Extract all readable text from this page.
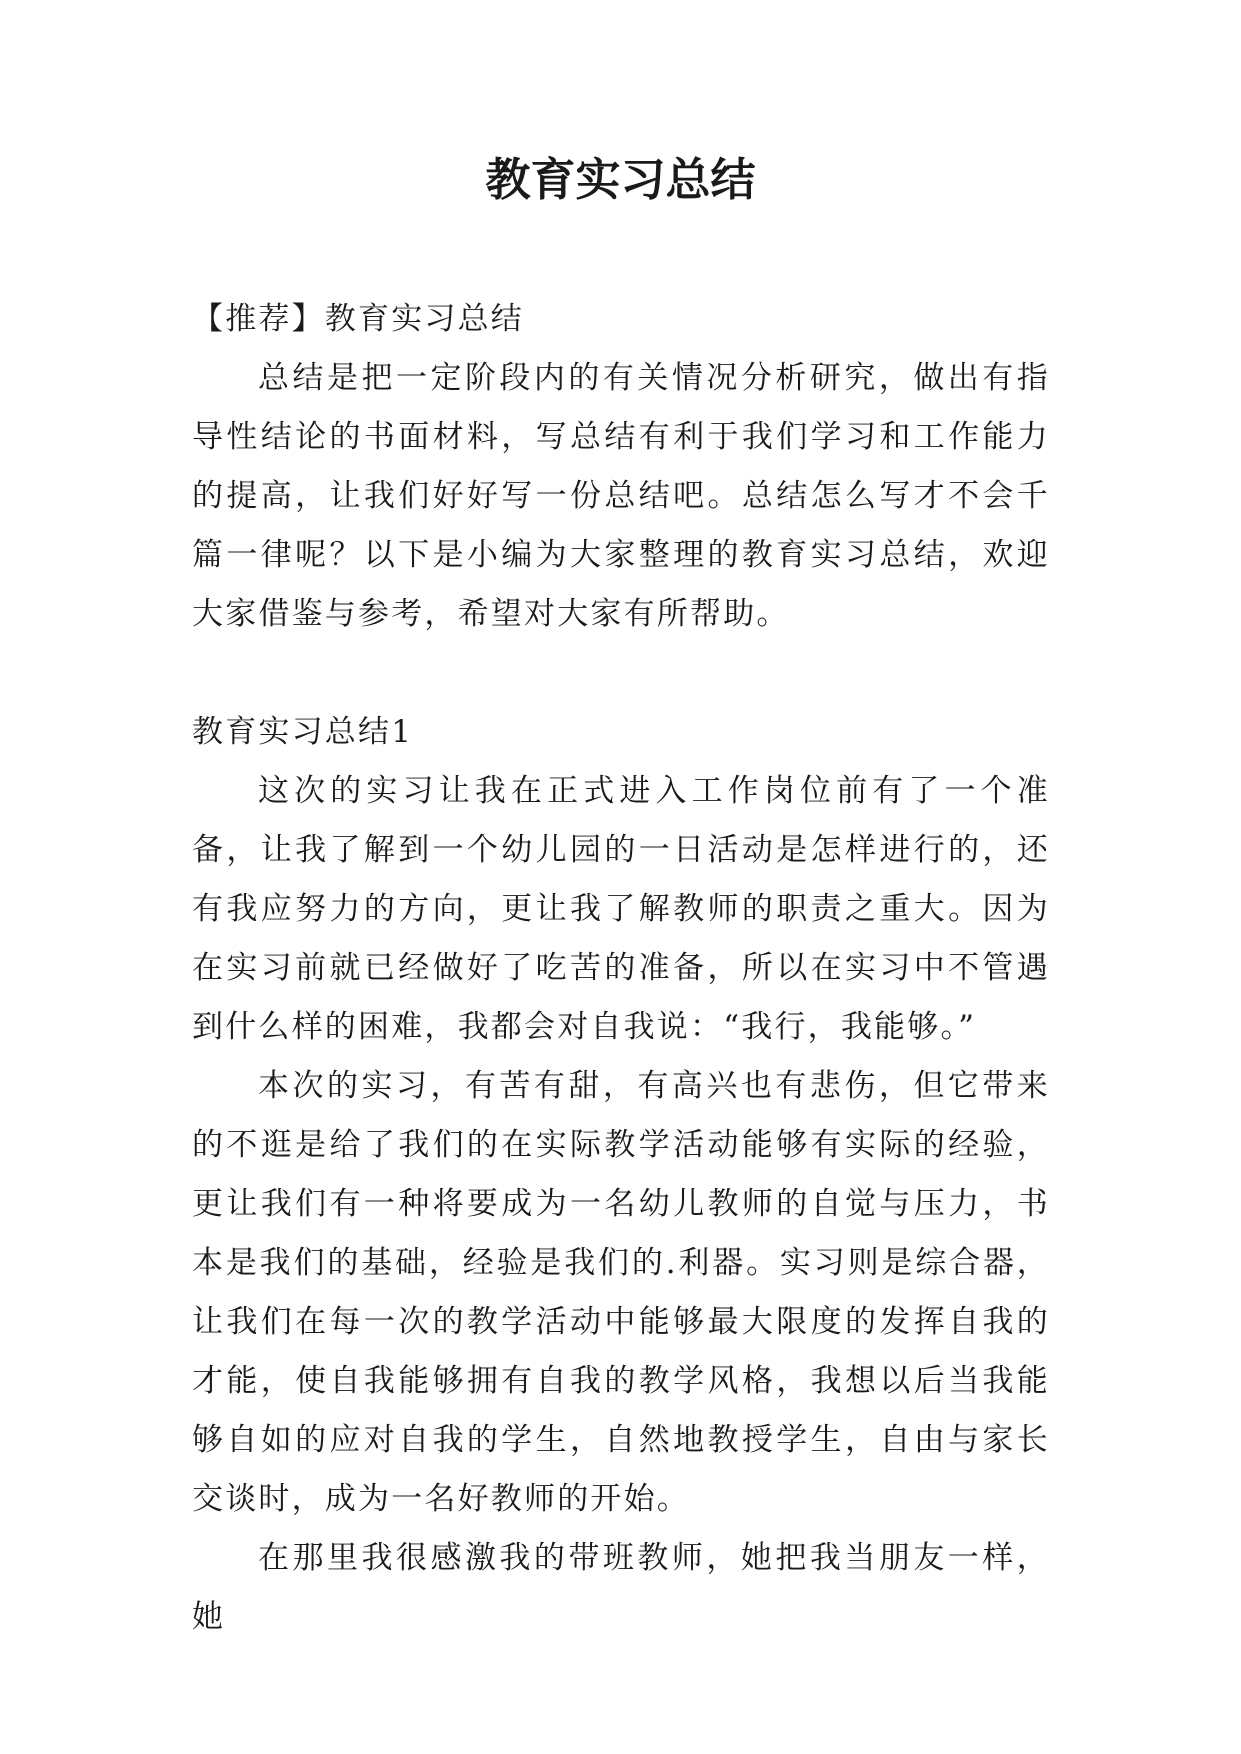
教育实习总结

【推荐】教育实习总结

总结是把一定阶段内的有关情况分析研究，做出有指导性结论的书面材料，写总结有利于我们学习和工作能力的提高，让我们好好写一份总结吧。总结怎么写才不会千篇一律呢？以下是小编为大家整理的教育实习总结，欢迎大家借鉴与参考，希望对大家有所帮助。

教育实习总结1

这次的实习让我在正式进入工作岗位前有了一个准备，让我了解到一个幼儿园的一日活动是怎样进行的，还有我应努力的方向，更让我了解教师的职责之重大。因为在实习前就已经做好了吃苦的准备，所以在实习中不管遇到什么样的困难，我都会对自我说：“我行，我能够。”

本次的实习，有苦有甜，有高兴也有悲伤，但它带来的不逛是给了我们的在实际教学活动能够有实际的经验，更让我们有一种将要成为一名幼儿教师的自觉与压力，书本是我们的基础，经验是我们的.利器。实习则是综合器，让我们在每一次的教学活动中能够最大限度的发挥自我的才能，使自我能够拥有自我的教学风格，我想以后当我能够自如的应对自我的学生，自然地教授学生，自由与家长交谈时，成为一名好教师的开始。

在那里我很感激我的带班教师，她把我当朋友一样，她
